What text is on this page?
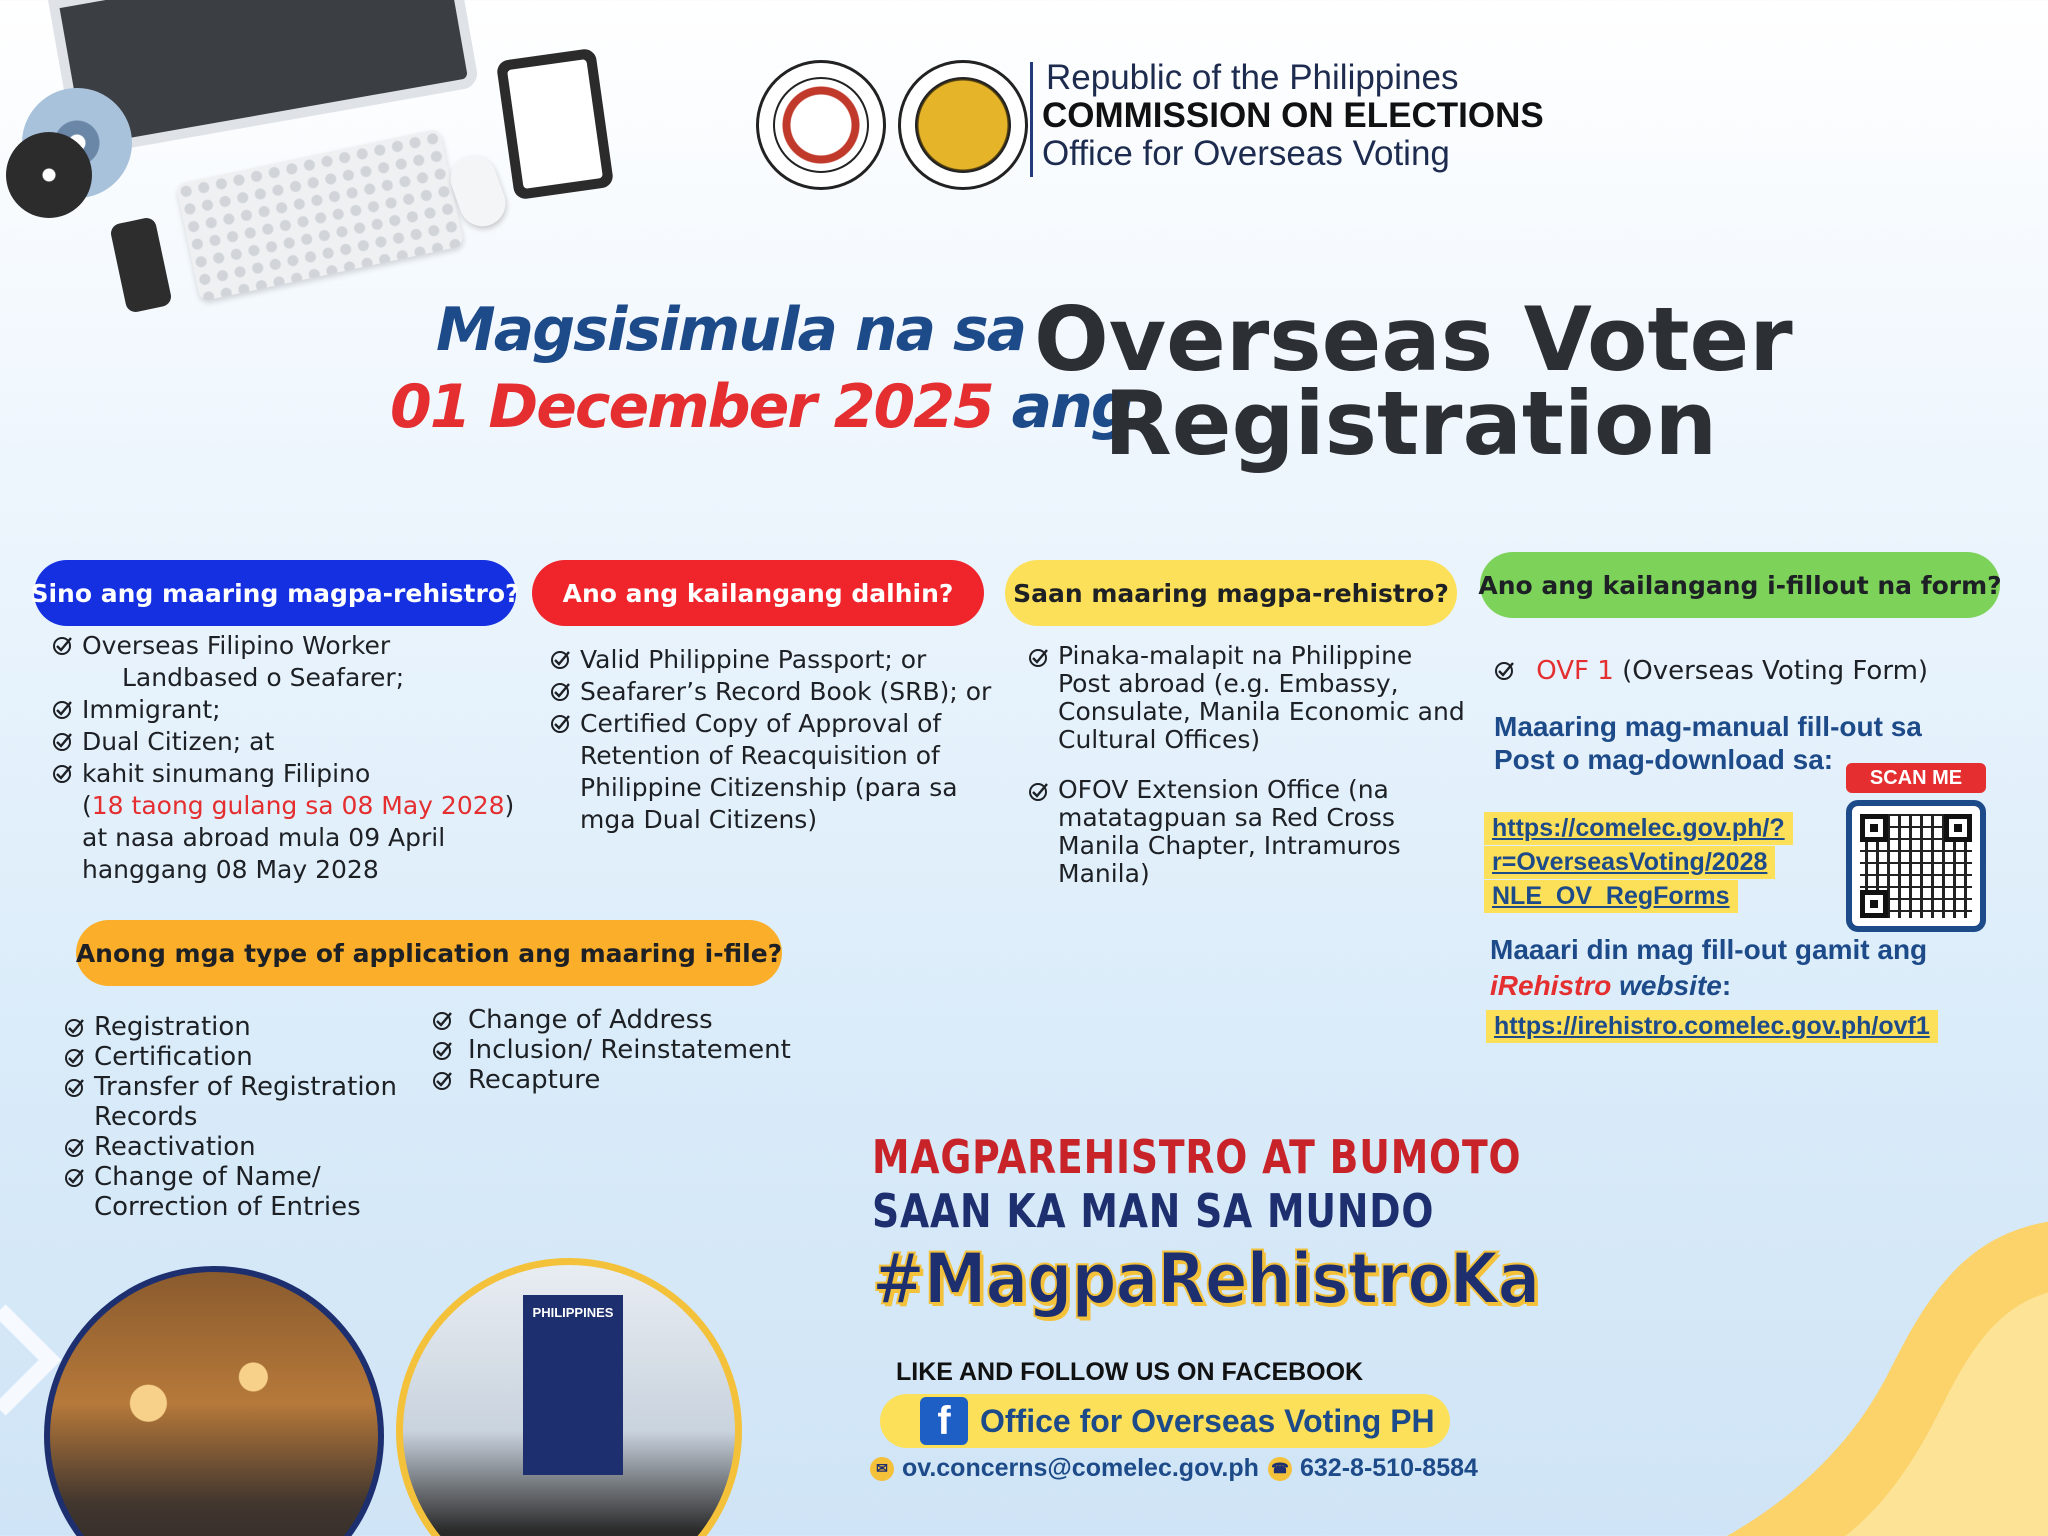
Republic of the Philippines
COMMISSION ON ELECTIONS
Office for Overseas Voting
Magsisimula na sa
01 December 2025 ang
Overseas Voter
Registration
Sino ang maaring magpa-rehistro?	Ano ang kailangang dalhin?	Saan maaring magpa-rehistro?	Ano ang kailangang i-fillout na form?
Anong mga type of application ang maaring i-file?
Overseas Filipino Worker
Landbased o Seafarer;
Immigrant;
Dual Citizen; at
kahit sinumang Filipino
(18 taong gulang sa 08 May 2028)
at nasa abroad mula 09 April hanggang 08 May 2028
Valid Philippine Passport; or
Seafarer’s Record Book (SRB); or
Certified Copy of Approval of Retention of Reacquisition of Philippine Citizenship (para sa mga Dual Citizens)
Pinaka-malapit na Philippine Post abroad (e.g. Embassy, Consulate, Manila Economic and Cultural Offices)
OFOV Extension Office (na matatagpuan sa Red Cross Manila Chapter, Intramuros Manila)
OVF 1 (Overseas Voting Form)
Maaaring mag-manual fill-out sa Post o mag-download sa:
https://comelec.gov.ph/?
r=OverseasVoting/2028
NLE_OV_RegForms
SCAN ME
Maaari din mag fill-out gamit ang
iRehistro website:
https://irehistro.comelec.gov.ph/ovf1
Registration
Certification
Transfer of Registration Records
Reactivation
Change of Name/ Correction of Entries
Change of Address
Inclusion/ Reinstatement
Recapture
MAGPAREHISTRO AT BUMOTO
SAAN KA MAN SA MUNDO
#MagpaRehistroKa
LIKE AND FOLLOW US ON FACEBOOK
f Office for Overseas Voting PH
✉ ov.concerns@comelec.gov.ph ☎ 632-8-510-8584
PHILIPPINES
